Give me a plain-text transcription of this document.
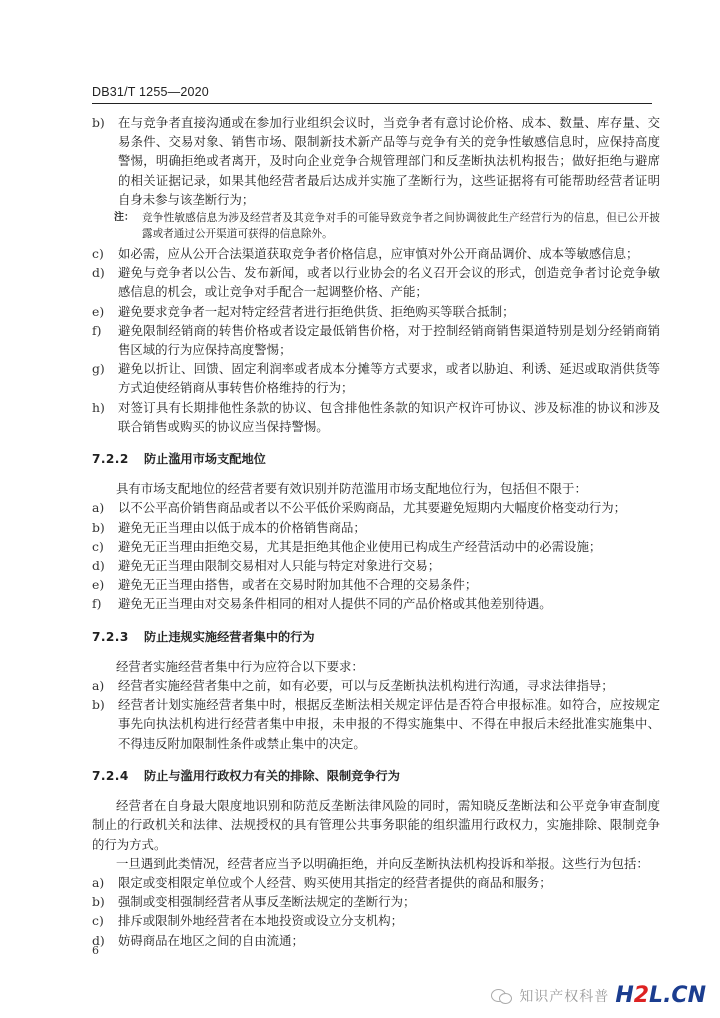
DB31/T 1255—2020
b)	在与竞争者直接沟通或在参加行业组织会议时，当竞争者有意讨论价格、成本、数量、库存量、交易条件、交易对象、销售市场、限制新技术新产品等与竞争有关的竞争性敏感信息时，应保持高度警惕，明确拒绝或者离开，及时向企业竞争合规管理部门和反垄断执法机构报告；做好拒绝与避席的相关证据记录，如果其他经营者最后达成并实施了垄断行为，这些证据将有可能帮助经营者证明自身未参与该垄断行为；
注： 竞争性敏感信息为涉及经营者及其竞争对手的可能导致竞争者之间协调彼此生产经营行为的信息，但已公开披露或者通过公开渠道可获得的信息除外。
c)	如必需，应从公开合法渠道获取竞争者价格信息，应审慎对外公开商品调价、成本等敏感信息；
d)	避免与竞争者以公告、发布新闻，或者以行业协会的名义召开会议的形式，创造竞争者讨论竞争敏感信息的机会，或让竞争对手配合一起调整价格、产能；
e)	避免要求竞争者一起对特定经营者进行拒绝供货、拒绝购买等联合抵制；
f)	避免限制经销商的转售价格或者设定最低销售价格，对于控制经销商销售渠道特别是划分经销商销售区域的行为应保持高度警惕；
g)	避免以折让、回馈、固定利润率或者成本分摊等方式要求，或者以胁迫、利诱、延迟或取消供货等方式迫使经销商从事转售价格维持的行为；
h)	对签订具有长期排他性条款的协议、包含排他性条款的知识产权许可协议、涉及标准的协议和涉及联合销售或购买的协议应当保持警惕。
7.2.2	防止滥用市场支配地位

具有市场支配地位的经营者要有效识别并防范滥用市场支配地位行为，包括但不限于：

a)	以不公平高价销售商品或者以不公平低价采购商品，尤其要避免短期内大幅度价格变动行为；
b)	避免无正当理由以低于成本的价格销售商品；
c)	避免无正当理由拒绝交易，尤其是拒绝其他企业使用已构成生产经营活动中的必需设施；
d)	避免无正当理由限制交易相对人只能与特定对象进行交易；
e)	避免无正当理由搭售，或者在交易时附加其他不合理的交易条件；
f)	避免无正当理由对交易条件相同的相对人提供不同的产品价格或其他差别待遇。
7.2.3	防止违规实施经营者集中的行为

经营者实施经营者集中行为应符合以下要求：

a)	经营者实施经营者集中之前，如有必要，可以与反垄断执法机构进行沟通，寻求法律指导；
b)	经营者计划实施经营者集中时，根据反垄断法相关规定评估是否符合申报标准。如符合，应按规定事先向执法机构进行经营者集中申报，未申报的不得实施集中、不得在申报后未经批准实施集中、不得违反附加限制性条件或禁止集中的决定。
7.2.4	防止与滥用行政权力有关的排除、限制竞争行为

经营者在自身最大限度地识别和防范反垄断法律风险的同时，需知晓反垄断法和公平竞争审查制度制止的行政机关和法律、法规授权的具有管理公共事务职能的组织滥用行政权力，实施排除、限制竞争的行为方式。

一旦遇到此类情况，经营者应当予以明确拒绝，并向反垄断执法机构投诉和举报。这些行为包括：

a)	限定或变相限定单位或个人经营、购买使用其指定的经营者提供的商品和服务；
b)	强制或变相强制经营者从事反垄断法规定的垄断行为；
c)	排斥或限制外地经营者在本地投资或设立分支机构；
d)	妨碍商品在地区之间的自由流通；
6
知识产权科普 H2L.CN
